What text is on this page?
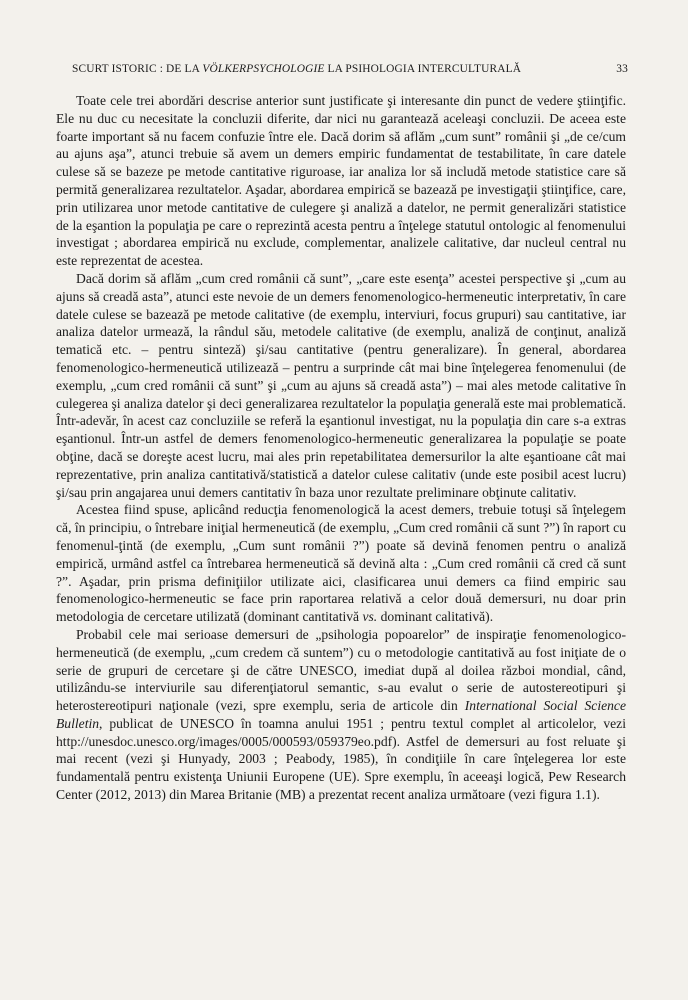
SCURT ISTORIC : DE LA VÖLKERPSYCHOLOGIE LA PSIHOLOGIA INTERCULTURALĂ	33

Toate cele trei abordări descrise anterior sunt justificate şi interesante din punct de vedere ştiinţific. Ele nu duc cu necesitate la concluzii diferite, dar nici nu garantează aceleaşi concluzii. De aceea este foarte important să nu facem confuzie între ele. Dacă dorim să aflăm „cum sunt” românii şi „de ce/cum au ajuns aşa”, atunci trebuie să avem un demers empiric fundamentat de testabilitate, în care datele culese să se bazeze pe metode cantitative riguroase, iar analiza lor să includă metode statistice care să permită generalizarea rezultatelor. Aşadar, abordarea empirică se bazează pe investigaţii ştiinţifice, care, prin utilizarea unor metode cantitative de culegere şi analiză a datelor, ne permit generalizări statistice de la eşantion la populaţia pe care o reprezintă acesta pentru a înţelege statutul ontologic al fenomenului investigat ; abordarea empirică nu exclude, complementar, analizele calitative, dar nucleul central nu este reprezentat de acestea.

Dacă dorim să aflăm „cum cred românii că sunt”, „care este esenţa” acestei perspective şi „cum au ajuns să creadă asta”, atunci este nevoie de un demers fenomenologico-hermeneutic interpretativ, în care datele culese se bazează pe metode calitative (de exemplu, interviuri, focus grupuri) sau cantitative, iar analiza datelor urmează, la rândul său, metodele calitative (de exemplu, analiză de conţinut, analiză tematică etc. – pentru sinteză) şi/sau cantitative (pentru generalizare). În general, abordarea fenomenologico-hermeneutică utilizează – pentru a surprinde cât mai bine înţelegerea fenomenului (de exemplu, „cum cred românii că sunt” şi „cum au ajuns să creadă asta”) – mai ales metode calitative în culegerea şi analiza datelor şi deci generalizarea rezultatelor la populaţia generală este mai problematică. Într-adevăr, în acest caz concluziile se referă la eşantionul investigat, nu la populaţia din care s-a extras eşantionul. Într-un astfel de demers fenomenologico-hermeneutic generalizarea la populaţie se poate obţine, dacă se doreşte acest lucru, mai ales prin repetabilitatea demersurilor la alte eşantioane cât mai reprezentative, prin analiza cantitativă/statistică a datelor culese calitativ (unde este posibil acest lucru) şi/sau prin angajarea unui demers cantitativ în baza unor rezultate preliminare obţinute calitativ.

Acestea fiind spuse, aplicând reducţia fenomenologică la acest demers, trebuie totuşi să înţelegem că, în principiu, o întrebare iniţial hermeneutică (de exemplu, „Cum cred românii că sunt ?”) în raport cu fenomenul-ţintă (de exemplu, „Cum sunt românii ?”) poate să devină fenomen pentru o analiză empirică, urmând astfel ca întrebarea hermeneutică să devină alta : „Cum cred românii că cred că sunt ?”. Aşadar, prin prisma definiţiilor utilizate aici, clasificarea unui demers ca fiind empiric sau fenomenologico-hermeneutic se face prin raportarea relativă a celor două demersuri, nu doar prin metodologia de cercetare utilizată (dominant cantitativă vs. dominant calitativă).

Probabil cele mai serioase demersuri de „psihologia popoarelor” de inspiraţie fenomenologico-hermeneutică (de exemplu, „cum credem că suntem”) cu o metodologie cantitativă au fost iniţiate de o serie de grupuri de cercetare şi de către UNESCO, imediat după al doilea război mondial, când, utilizându-se interviurile sau diferenţiatorul semantic, s-au evalut o serie de autostereotipuri şi heterostereotipuri naţionale (vezi, spre exemplu, seria de articole din International Social Science Bulletin, publicat de UNESCO în toamna anului 1951 ; pentru textul complet al articolelor, vezi http://unesdoc.unesco.org/images/0005/000593/059379eo.pdf). Astfel de demersuri au fost reluate şi mai recent (vezi şi Hunyady, 2003 ; Peabody, 1985), în condiţiile în care înţelegerea lor este fundamentală pentru existenţa Uniunii Europene (UE). Spre exemplu, în aceeaşi logică, Pew Research Center (2012, 2013) din Marea Britanie (MB) a prezentat recent analiza următoare (vezi figura 1.1).
